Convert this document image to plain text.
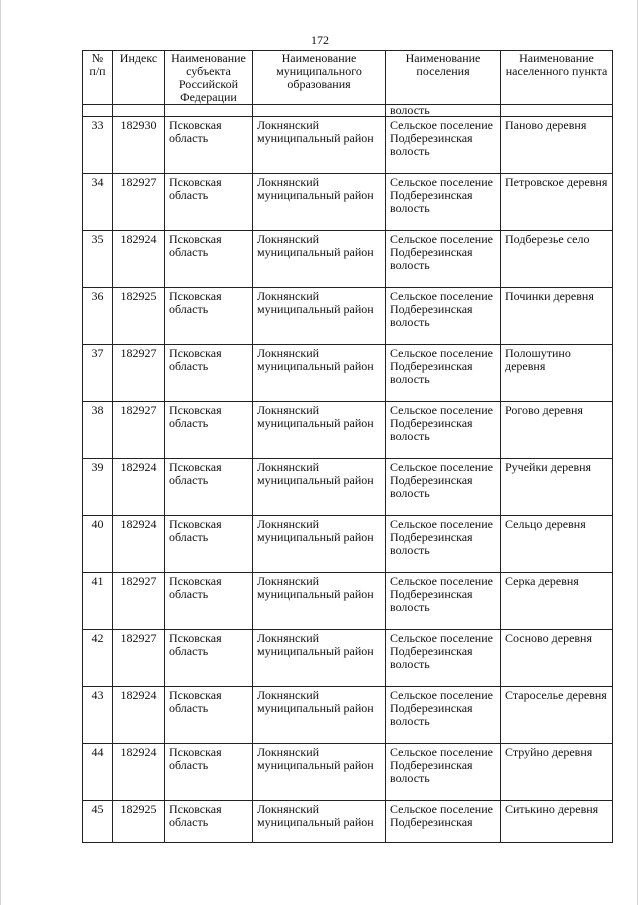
172
№ п/п	Индекс	Наименование субъекта Российской Федерации	Наименование муниципального образования	Наименование поселения	Наименование населенного пункта
				волость	
33	182930	Псковская область	Локнянский муниципальный район	Сельское поселение Подберезинская волость	Паново деревня
34	182927	Псковская область	Локнянский муниципальный район	Сельское поселение Подберезинская волость	Петровское деревня
35	182924	Псковская область	Локнянский муниципальный район	Сельское поселение Подберезинская волость	Подберезье село
36	182925	Псковская область	Локнянский муниципальный район	Сельское поселение Подберезинская волость	Починки деревня
37	182927	Псковская область	Локнянский муниципальный район	Сельское поселение Подберезинская волость	Полошутино деревня
38	182927	Псковская область	Локнянский муниципальный район	Сельское поселение Подберезинская волость	Рогово деревня
39	182924	Псковская область	Локнянский муниципальный район	Сельское поселение Подберезинская волость	Ручейки деревня
40	182924	Псковская область	Локнянский муниципальный район	Сельское поселение Подберезинская волость	Сельцо деревня
41	182927	Псковская область	Локнянский муниципальный район	Сельское поселение Подберезинская волость	Серка деревня
42	182927	Псковская область	Локнянский муниципальный район	Сельское поселение Подберезинская волость	Сосново деревня
43	182924	Псковская область	Локнянский муниципальный район	Сельское поселение Подберезинская волость	Староселье деревня
44	182924	Псковская область	Локнянский муниципальный район	Сельское поселение Подберезинская волость	Струйно деревня
45	182925	Псковская область	Локнянский муниципальный район	Сельское поселение Подберезинская	Ситькино деревня
